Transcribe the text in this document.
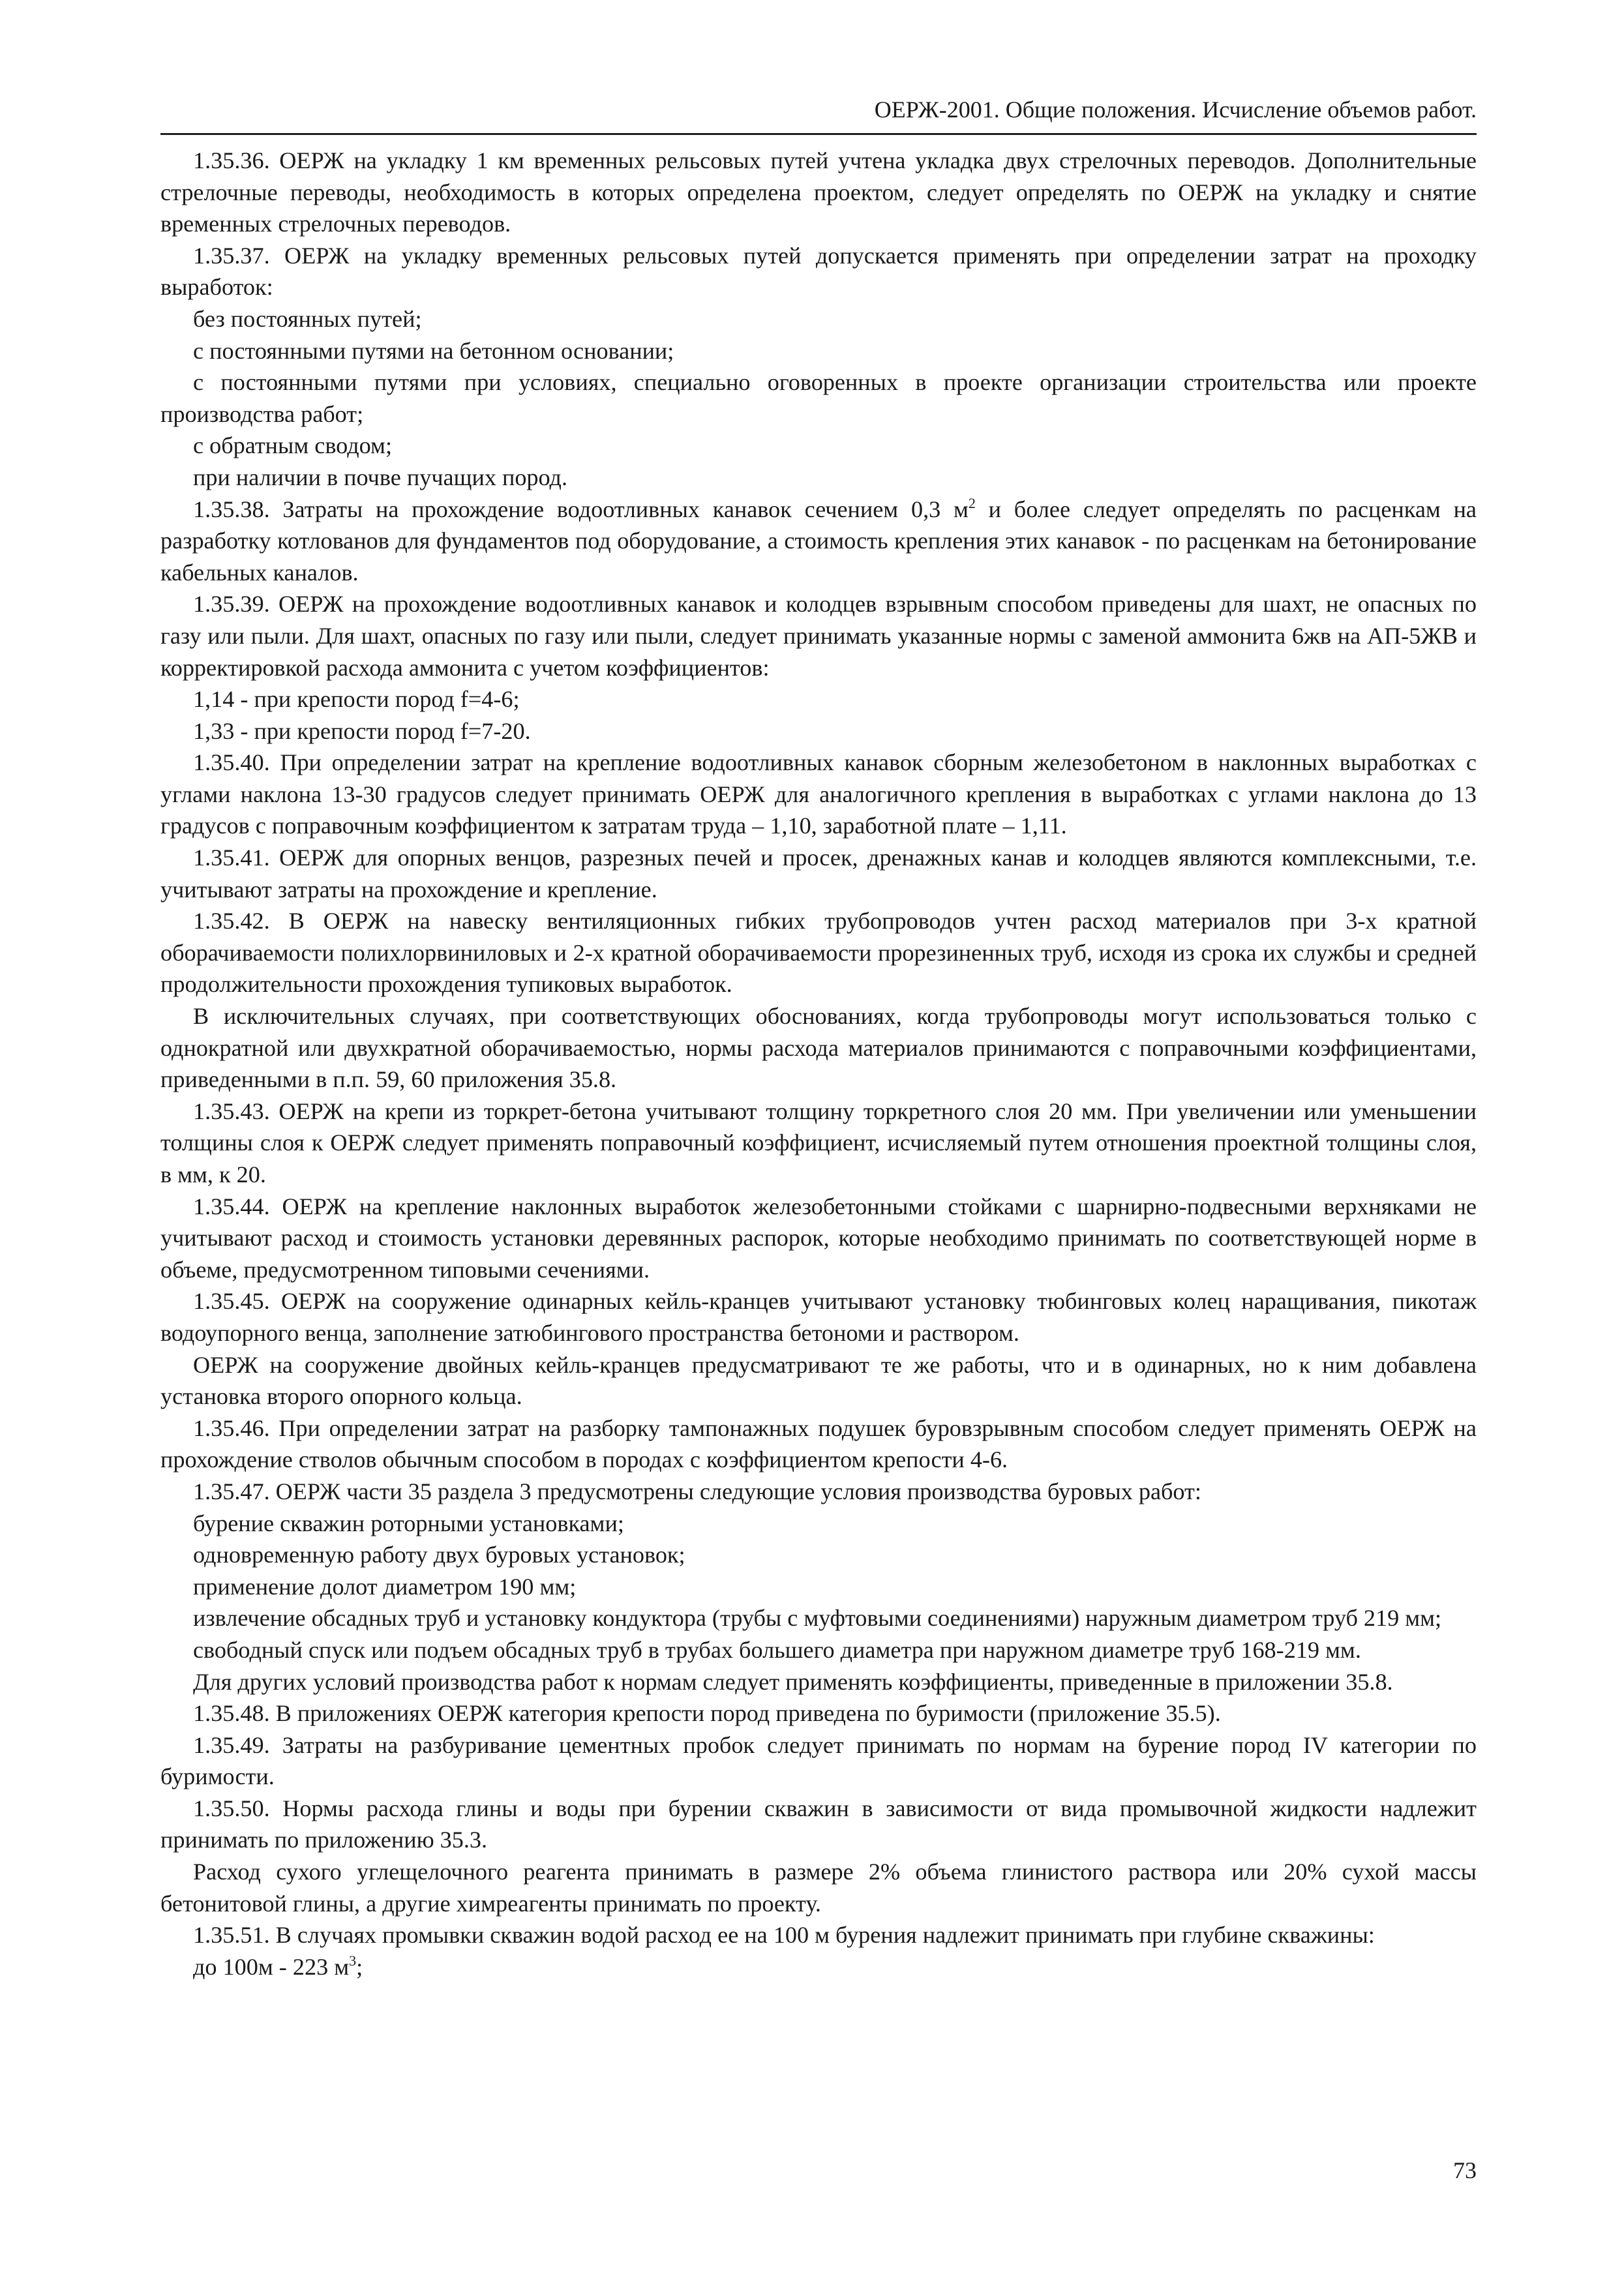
ОЕРЖ-2001. Общие положения. Исчисление объемов работ.

1.35.36. ОЕРЖ на укладку 1 км временных рельсовых путей учтена укладка двух стрелочных переводов. Дополнительные стрелочные переводы, необходимость в которых определена проектом, следует определять по ОЕРЖ на укладку и снятие временных стрелочных переводов.

1.35.37. ОЕРЖ на укладку временных рельсовых путей допускается применять при определении затрат на проходку выработок:

без постоянных путей;

с постоянными путями на бетонном основании;

с постоянными путями при условиях, специально оговоренных в проекте организации строительства или проекте производства работ;

с обратным сводом;

при наличии в почве пучащих пород.

1.35.38. Затраты на прохождение водоотливных канавок сечением 0,3 $м^2$ и более следует определять по расценкам на разработку котлованов для фундаментов под оборудование, а стоимость крепления этих канавок - по расценкам на бетонирование кабельных каналов.

1.35.39. ОЕРЖ на прохождение водоотливных канавок и колодцев взрывным способом приведены для шахт, не опасных по газу или пыли. Для шахт, опасных по газу или пыли, следует принимать указанные нормы с заменой аммонита 6жв на АП-5ЖВ и корректировкой расхода аммонита с учетом коэффициентов:

1,14 - при крепости пород f=4-6;

1,33 - при крепости пород f=7-20.

1.35.40. При определении затрат на крепление водоотливных канавок сборным железобетоном в наклонных выработках с углами наклона 13-30 градусов следует принимать ОЕРЖ для аналогичного крепления в выработках с углами наклона до 13 градусов с поправочным коэффициентом к затратам труда – 1,10, заработной плате – 1,11.

1.35.41. ОЕРЖ для опорных венцов, разрезных печей и просек, дренажных канав и колодцев являются комплексными, т.е. учитывают затраты на прохождение и крепление.

1.35.42. В ОЕРЖ на навеску вентиляционных гибких трубопроводов учтен расход материалов при 3-х кратной оборачиваемости полихлорвиниловых и 2-х кратной оборачиваемости прорезиненных труб, исходя из срока их службы и средней продолжительности прохождения тупиковых выработок.

В исключительных случаях, при соответствующих обоснованиях, когда трубопроводы могут использоваться только с однократной или двухкратной оборачиваемостью, нормы расхода материалов принимаются с поправочными коэффициентами, приведенными в п.п. 59, 60 приложения 35.8.

1.35.43. ОЕРЖ на крепи из торкрет-бетона учитывают толщину торкретного слоя 20 мм. При увеличении или уменьшении толщины слоя к ОЕРЖ следует применять поправочный коэффициент, исчисляемый путем отношения проектной толщины слоя, в мм, к 20.

1.35.44. ОЕРЖ на крепление наклонных выработок железобетонными стойками с шарнирно-подвесными верхняками не учитывают расход и стоимость установки деревянных распорок, которые необходимо принимать по соответствующей норме в объеме, предусмотренном типовыми сечениями.

1.35.45. ОЕРЖ на сооружение одинарных кейль-кранцев учитывают установку тюбинговых колец наращивания, пикотаж водоупорного венца, заполнение затюбингового пространства бетономи и раствором.

ОЕРЖ на сооружение двойных кейль-кранцев предусматривают те же работы, что и в одинарных, но к ним добавлена установка второго опорного кольца.

1.35.46. При определении затрат на разборку тампонажных подушек буровзрывным способом следует применять ОЕРЖ на прохождение стволов обычным способом в породах с коэффициентом крепости 4-6.

1.35.47. ОЕРЖ части 35 раздела 3 предусмотрены следующие условия производства буровых работ:

бурение скважин роторными установками;

одновременную работу двух буровых установок;

применение долот диаметром 190 мм;

извлечение обсадных труб и установку кондуктора (трубы с муфтовыми соединениями) наружным диаметром труб 219 мм;

свободный спуск или подъем обсадных труб в трубах большего диаметра при наружном диаметре труб 168-219 мм.

Для других условий производства работ к нормам следует применять коэффициенты, приведенные в приложении 35.8.

1.35.48. В приложениях ОЕРЖ категория крепости пород приведена по буримости (приложение 35.5).

1.35.49. Затраты на разбуривание цементных пробок следует принимать по нормам на бурение пород IV категории по буримости.

1.35.50. Нормы расхода глины и воды при бурении скважин в зависимости от вида промывочной жидкости надлежит принимать по приложению 35.3.

Расход сухого углещелочного реагента принимать в размере 2% объема глинистого раствора или 20% сухой массы бетонитовой глины, а другие химреагенты принимать по проекту.

1.35.51. В случаях промывки скважин водой расход ее на 100 м бурения надлежит принимать при глубине скважины:

до 100м - 223 $м^3$;

73
